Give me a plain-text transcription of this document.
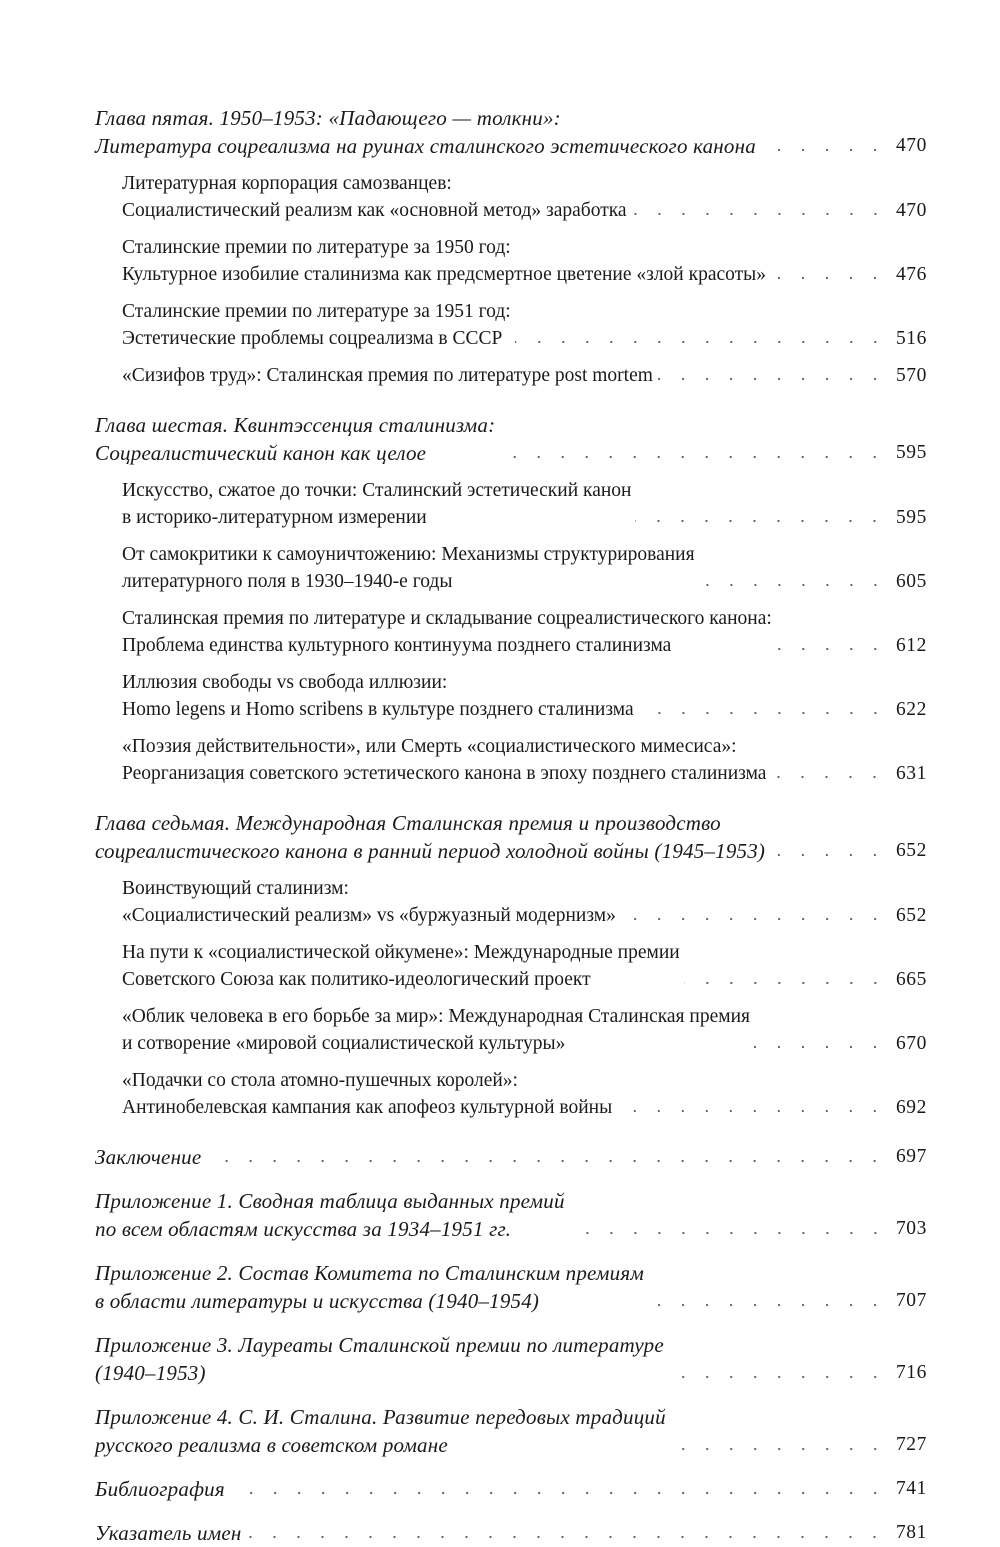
Глава пятая. 1950–1953: «Падающего — толкни»:
Литература соцреализма на руинах сталинского эстетического канона	470
Литературная корпорация самозванцев:
Социалистический реализм как «основной метод» заработка	470
Сталинские премии по литературе за 1950 год:
Культурное изобилие сталинизма как предсмертное цветение «злой красоты»	476
Сталинские премии по литературе за 1951 год:
Эстетические проблемы соцреализма в СССР	516
«Сизифов труд»: Сталинская премия по литературе post mortem	570
Глава шестая. Квинтэссенция сталинизма:
Соцреалистический канон как целое	595
Искусство, сжатое до точки: Сталинский эстетический канон
в историко-литературном измерении	595
От самокритики к самоуничтожению: Механизмы структурирования
литературного поля в 1930–1940-е годы	605
Сталинская премия по литературе и складывание соцреалистического канона:
Проблема единства культурного континуума позднего сталинизма	612
Иллюзия свободы vs свобода иллюзии:
Homo legens и Homo scribens в культуре позднего сталинизма	622
«Поэзия действительности», или Смерть «социалистического мимесиса»:
Реорганизация советского эстетического канона в эпоху позднего сталинизма	631
Глава седьмая. Международная Сталинская премия и производство
соцреалистического канона в ранний период холодной войны (1945–1953)	652
Воинствующий сталинизм:
«Социалистический реализм» vs «буржуазный модернизм»	652
На пути к «социалистической ойкумене»: Международные премии
Советского Союза как политико-идеологический проект	665
«Облик человека в его борьбе за мир»: Международная Сталинская премия
и сотворение «мировой социалистической культуры»	670
«Подачки со стола атомно-пушечных королей»:
Антинобелевская кампания как апофеоз культурной войны	692
Заключение	697
Приложение 1. Сводная таблица выданных премий
по всем областям искусства за 1934–1951 гг.	703
Приложение 2. Состав Комитета по Сталинским премиям
в области литературы и искусства (1940–1954)	707
Приложение 3. Лауреаты Сталинской премии по литературе
(1940–1953)	716
Приложение 4. С. И. Сталина. Развитие передовых традиций
русского реализма в советском романе	727
Библиография	741
Указатель имен	781
